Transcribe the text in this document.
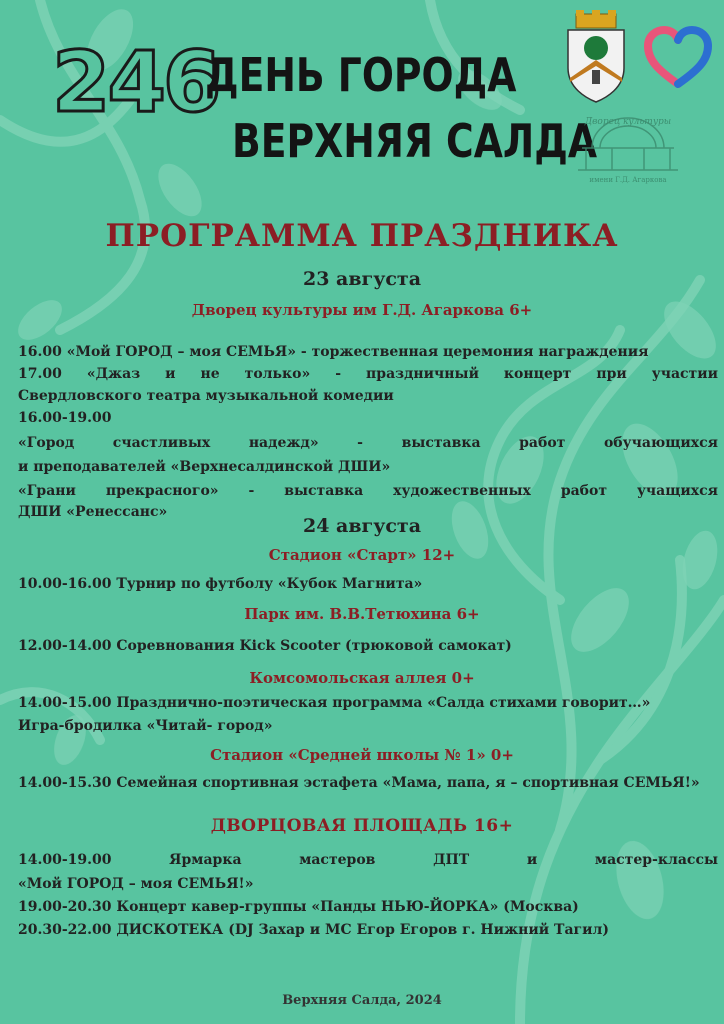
246
ДЕНЬ ГОРОДА
ВЕРХНЯЯ САЛДА
Дворец культуры
имени Г.Д. Агаркова
ПРОГРАММА ПРАЗДНИКА
23 августа
Дворец культуры им Г.Д. Агаркова 6+
16.00 «Мой ГОРОД – моя СЕМЬЯ» - торжественная церемония награждения
17.00 «Джаз и не только» - праздничный концерт при участии
Свердловского театра музыкальной комедии
16.00-19.00
«Город счастливых надежд» - выставка работ обучающихся
и преподавателей «Верхнесалдинской ДШИ»
«Грани прекрасного» - выставка художественных работ учащихся
ДШИ «Ренессанс»
24 августа
Стадион «Старт» 12+
10.00-16.00 Турнир по футболу «Кубок Магнита»
Парк им. В.В.Тетюхина 6+
12.00-14.00 Соревнования Kick Scooter (трюковой самокат)
Комсомольская аллея 0+
14.00-15.00 Празднично-поэтическая программа «Салда стихами говорит…»
Игра-бродилка «Читай- город»
Стадион «Средней школы № 1» 0+
14.00-15.30 Семейная спортивная эстафета «Мама, папа, я – спортивная СЕМЬЯ!»
ДВОРЦОВАЯ ПЛОЩАДЬ 16+
14.00-19.00 Ярмарка мастеров ДПТ и мастер-классы
«Мой ГОРОД – моя СЕМЬЯ!»
19.00-20.30 Концерт кавер-группы «Панды НЬЮ-ЙОРКА» (Москва)
20.30-22.00 ДИСКОТЕКА (DJ Захар и МС Егор Егоров г. Нижний Тагил)
Верхняя Салда, 2024
